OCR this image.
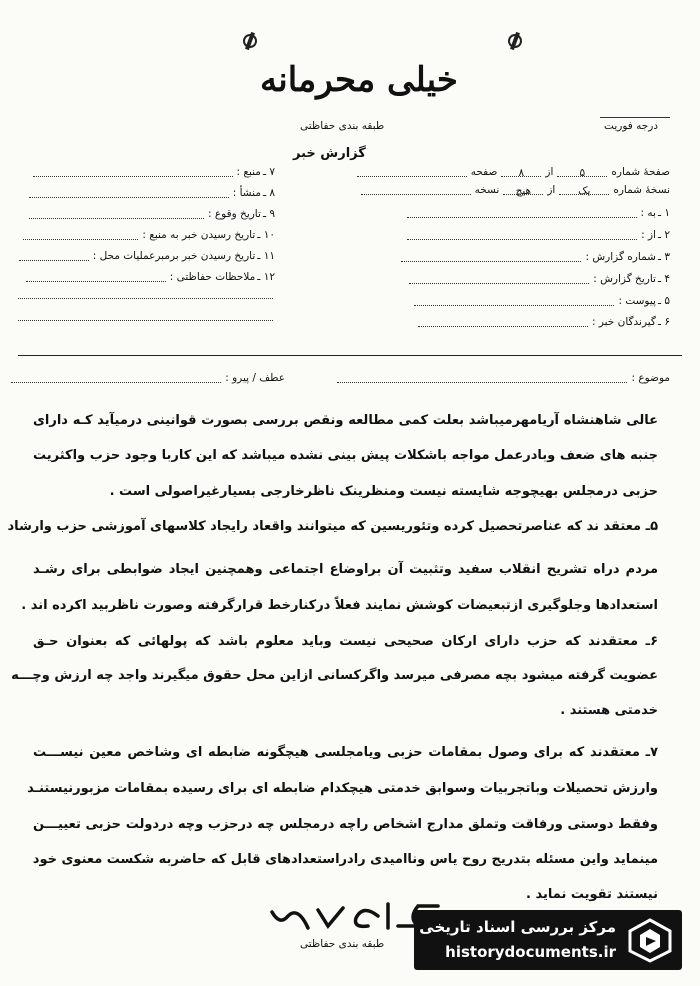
خیلی محرمانه
طبقه بندی حفاظتی	درجه فوریت
گزارش خبر
صفحهٔ شماره
۵
از
۸
صفحه
نسخهٔ شماره
یک
از
هیچ
نسخه
۱ ـ
به :
۲ ـ
از :
۳ ـ
شماره گزارش :
۴ ـ
تاریخ گزارش :
۵ ـ
پیوست :
۶ ـ
گیرندگان خبر :
۷ ـ
منبع :
۸ ـ
منشأ :
۹ ـ
تاریخ وقوع :
۱۰ ـ
تاریخ رسیدن خبر به منبع :
۱۱ ـ
تاریخ رسیدن خبر برمبرعملیات محل :
۱۲ ـ
ملاحظات حفاظتی :
موضوع :
عطف / پیرو :
عالی شاهنشاه آریامهرمیباشد بعلت کمی مطالعه ونقص بررسی بصورت قوانینی درمیآید کـه دارای
جنبه های ضعف وبادرعمل مواجه باشکلات پیش بینی نشده میباشد که این کاربا وجود حزب واکثریت
حزبی درمجلس بهیچوجه شایسته نیست ومنظرینک ناظرخارجی بسیارغیراصولی است .
۵ـ معتقد ند که عناصرتحصیل کرده وتئوریسین که میتوانند واقعاد رایجاد کلاسهای آموزشی حزب وارشاد
مردم دراه تشریح انقلاب سفید وتثبیت آن براوضاع اجتماعی وهمچنین ایجاد ضوابطی برای رشـد
استعدادها وجلوگیری ازتبعیضات کوشش نمایند فعلاً درکنارخط قرارگرفته وصورت ناظربید اکرده اند .
۶ـ معتقدند که حزب دارای ارکان صحیحی نیست وباید معلوم باشد که پولهائی که بعنوان حـق
عضویت گرفته میشود بچه مصرفی میرسد واگرکسانی ازاین محل حقوق میگیرند واجد چه ارزش وچـــه
خدمتی هستند .
۷ـ معتقدند که برای وصول بمقامات حزبی ویامجلسی هیچگونه ضابطه ای وشاخص معین نیســـت
وارزش تحصیلات وباتجربیات وسوابق خدمتی هیچکدام ضابطه ای برای رسیده بمقامات مزبورنیستنـد
وفقط دوستی ورفاقت وتملق مدارج اشخاص راچه درمجلس چه درحزب وچه دردولت حزبی تعییـــن
مینماید واین مسئله بتدریج روح یاس وناامیدی رادراستعدادهای قابل که حاضربه شکست معنوی خود
نیستند تقویت نماید .
طبقه بندی حفاظتی
مرکز بررسی اسناد تاریخی
historydocuments.ir
